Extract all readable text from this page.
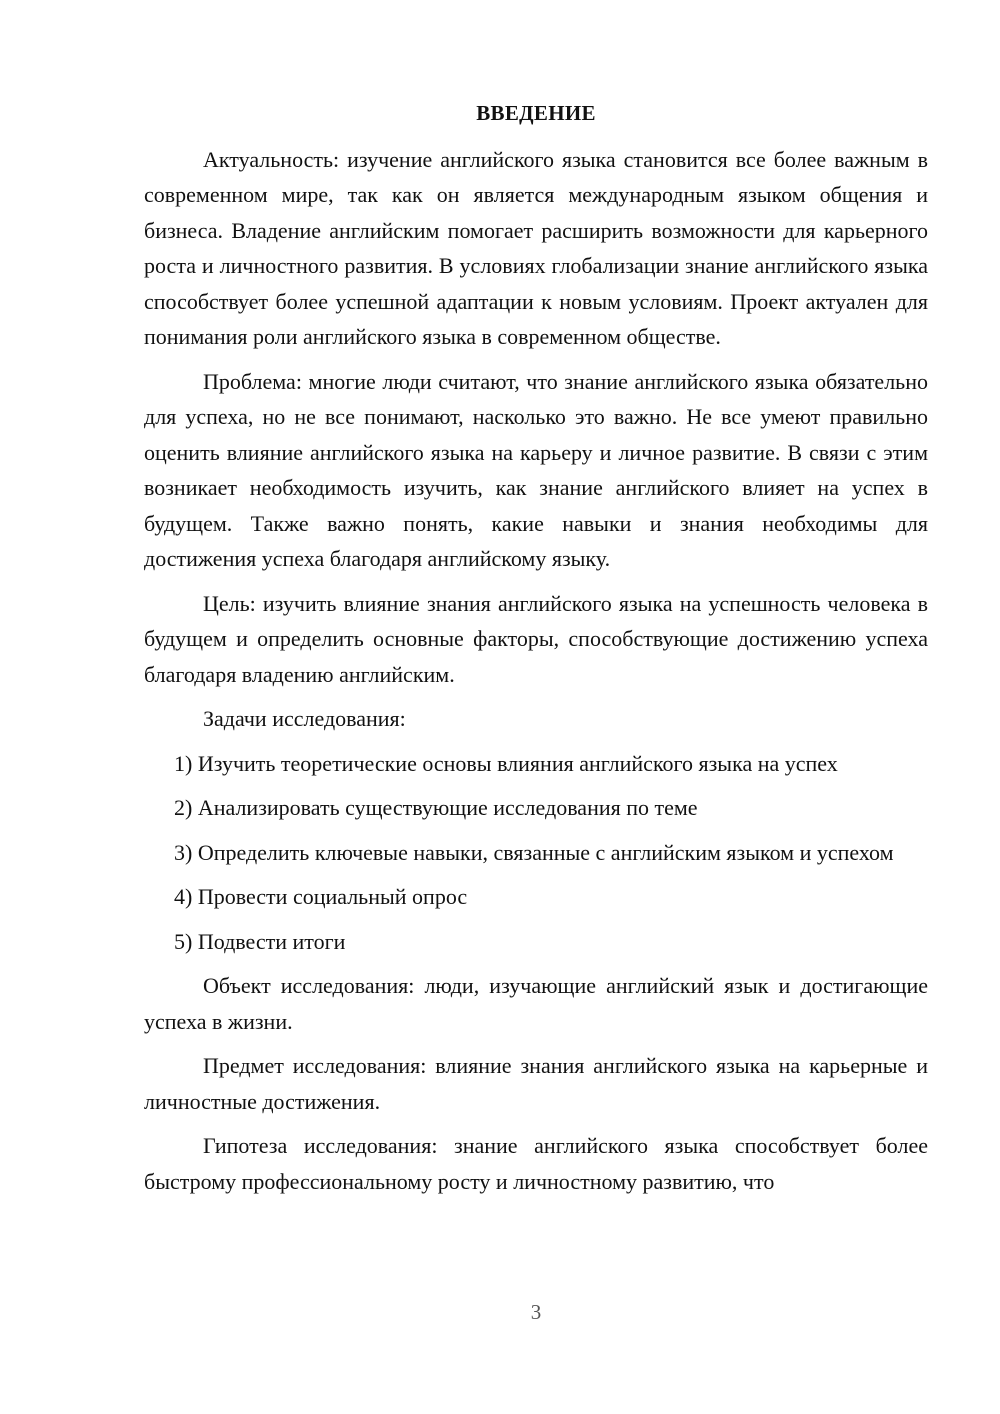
ВВЕДЕНИЕ

Актуальность: изучение английского языка становится все более важным в современном мире, так как он является международным языком общения и бизнеса. Владение английским помогает расширить возможности для карьерного роста и личностного развития. В условиях глобализации знание английского языка способствует более успешной адаптации к новым условиям. Проект актуален для понимания роли английского языка в современном обществе.

Проблема: многие люди считают, что знание английского языка обязательно для успеха, но не все понимают, насколько это важно. Не все умеют правильно оценить влияние английского языка на карьеру и личное развитие. В связи с этим возникает необходимость изучить, как знание английского влияет на успех в будущем. Также важно понять, какие навыки и знания необходимы для достижения успеха благодаря английскому языку.

Цель: изучить влияние знания английского языка на успешность человека в будущем и определить основные факторы, способствующие достижению успеха благодаря владению английским.

Задачи исследования:

1) Изучить теоретические основы влияния английского языка на успех

2) Анализировать существующие исследования по теме

3) Определить ключевые навыки, связанные с английским языком и успехом

4) Провести социальный опрос

5) Подвести итоги

Объект исследования: люди, изучающие английский язык и достигающие успеха в жизни.

Предмет исследования: влияние знания английского языка на карьерные и личностные достижения.

Гипотеза исследования: знание английского языка способствует более быстрому профессиональному росту и личностному развитию, что

3
